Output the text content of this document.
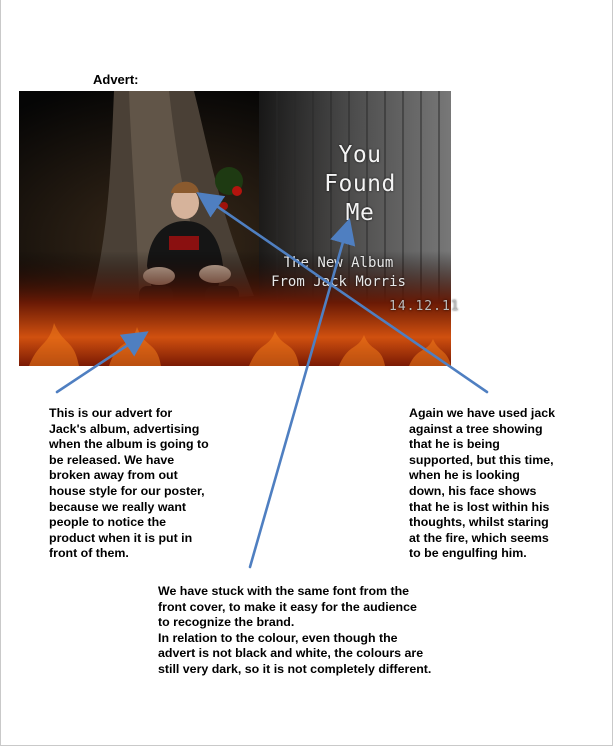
Advert:
You
Found
Me
The New Album
From Jack Morris
14.12.11
This is our advert for
Jack's album, advertising
when the album is going to
be released. We have
broken away from out
house style for our poster,
because we really want
people to notice the
product when it is put in
front of them.
Again we have used jack
against a tree showing
that he is being
supported, but this time,
when he is looking
down, his face shows
that he is lost within his
thoughts, whilst staring
at the fire, which seems
to be engulfing him.
We have stuck with the same font from the
front cover, to make it easy for the audience
to recognize the brand.
In relation to the colour, even though the
advert is not black and white, the colours are
still very dark, so it is not completely different.
